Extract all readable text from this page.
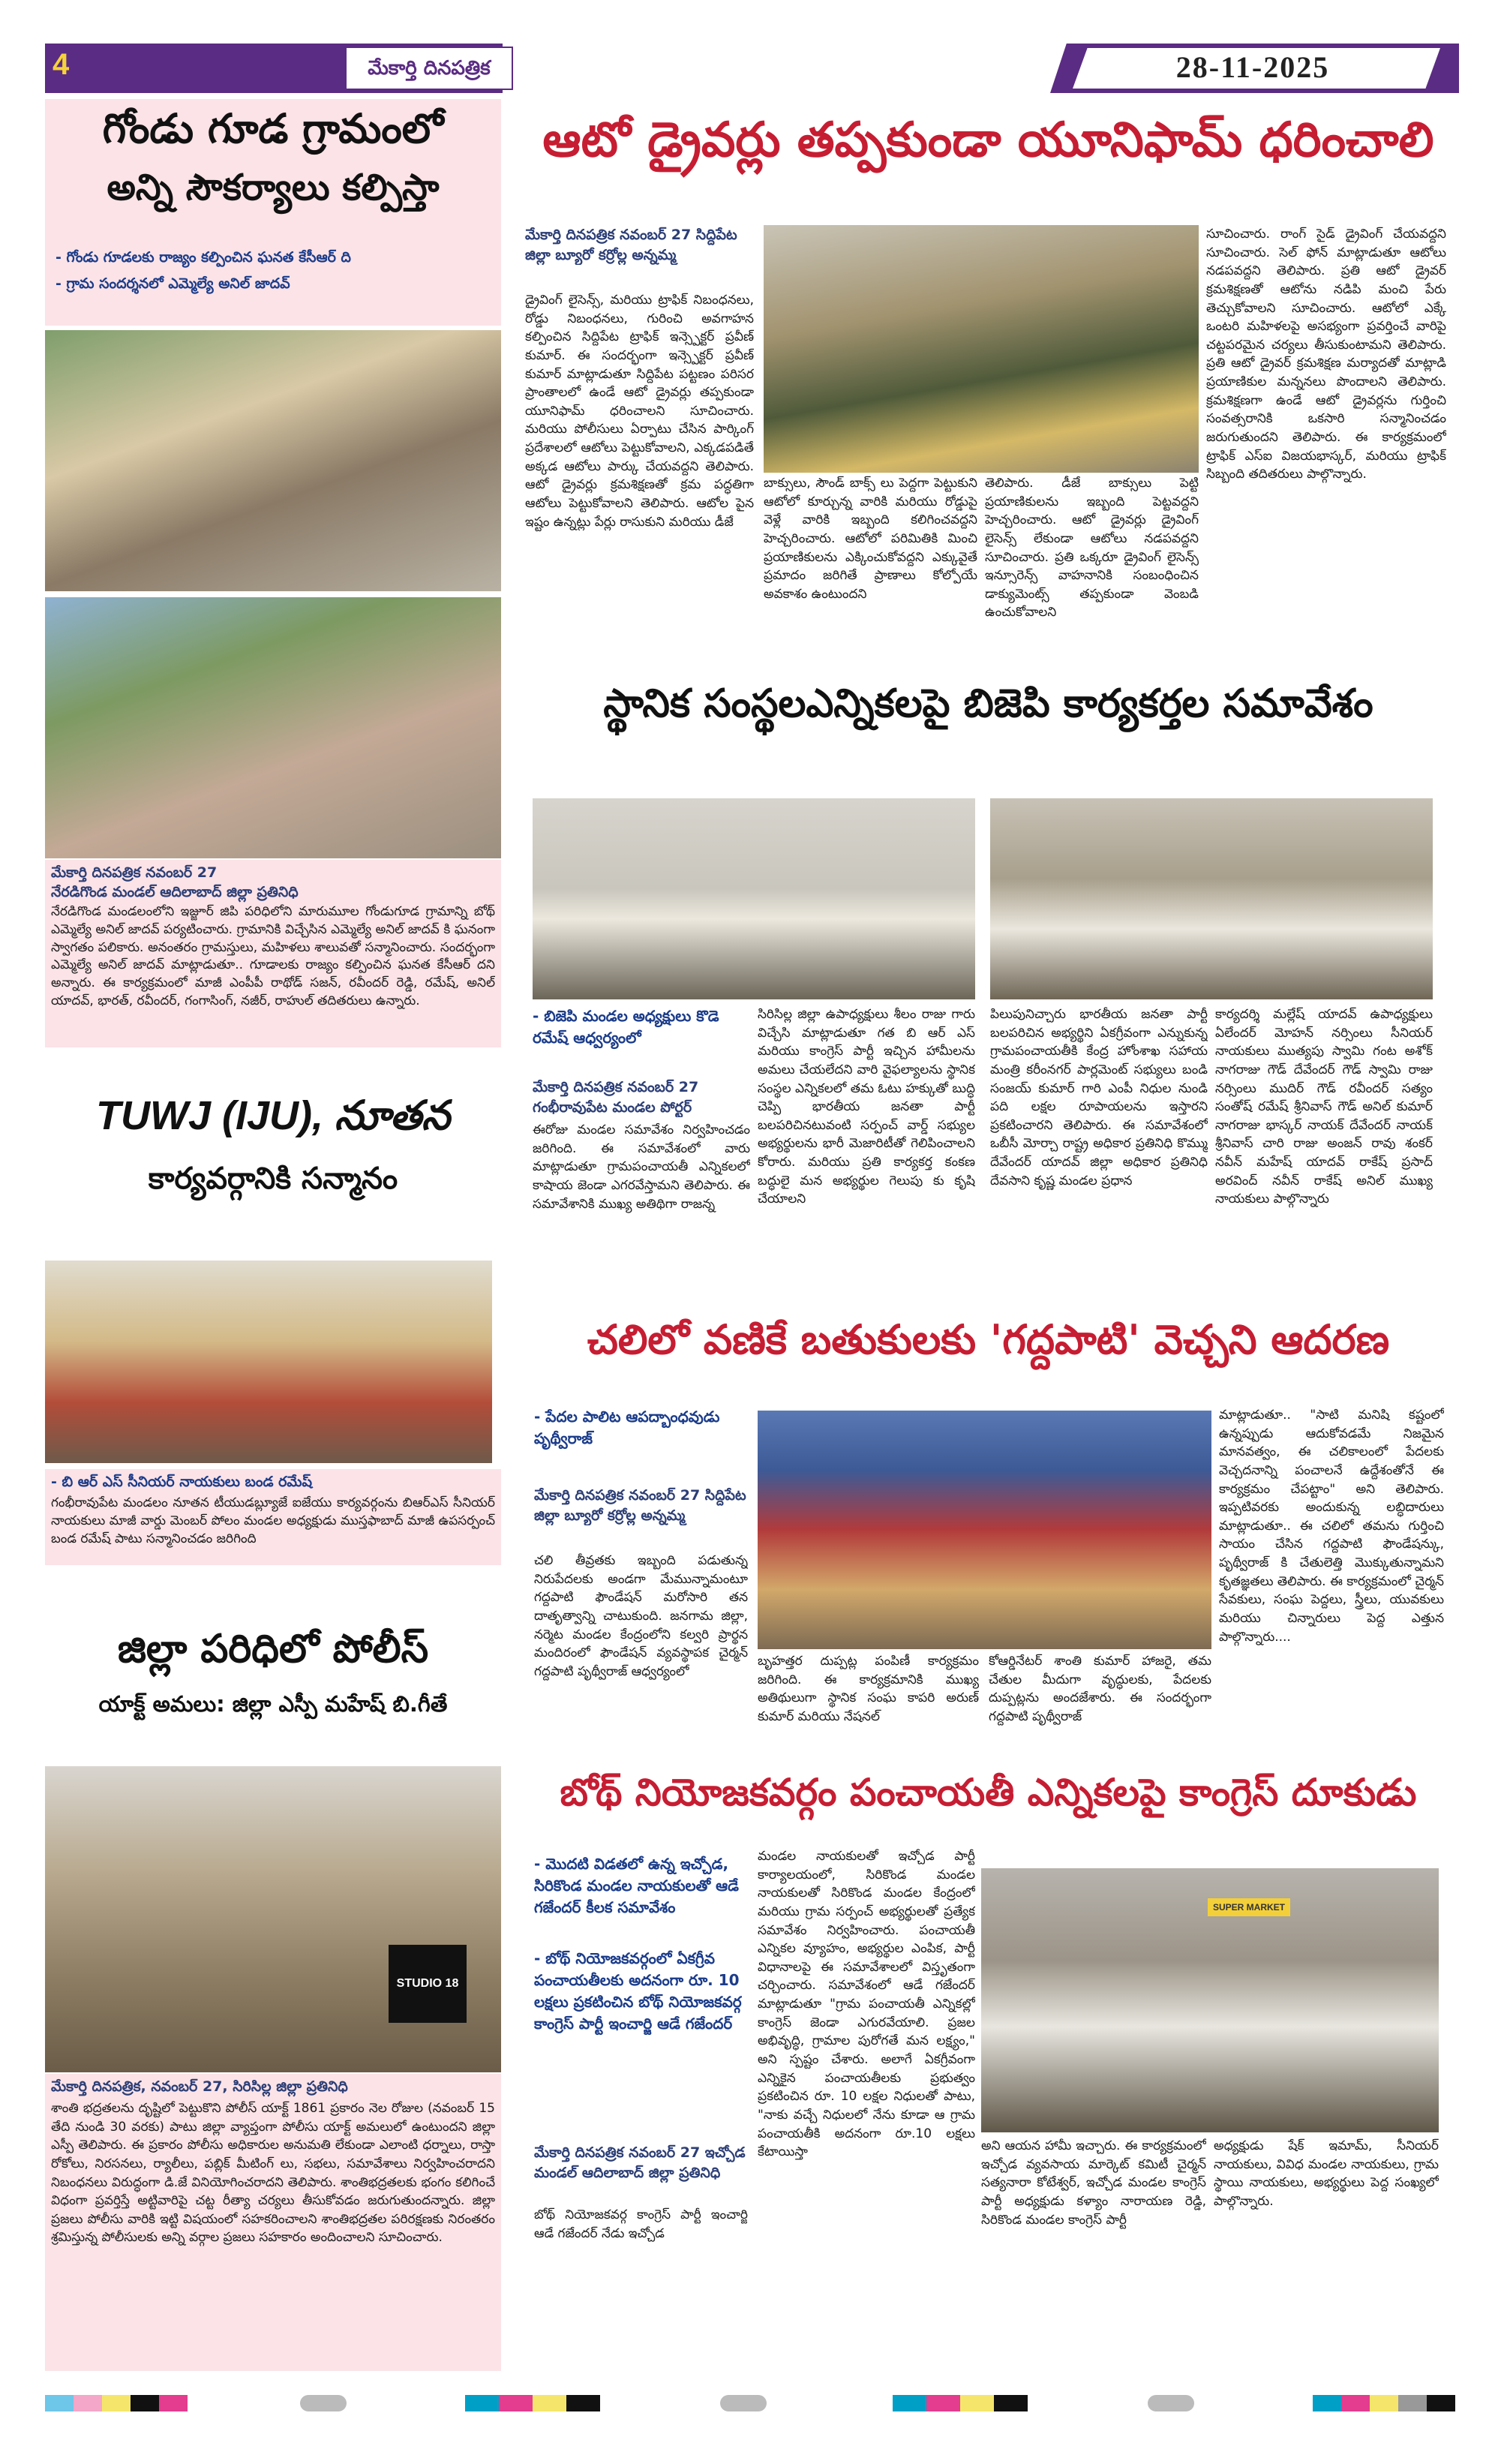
4	మేకార్తి దినపత్రిక	28-11-2025
గోండు గూడ గ్రామంలో
అన్ని సౌకర్యాలు కల్పిస్తా
- గోండు గూడలకు రాజ్యం కల్పించిన ఘనత కేసీఆర్ ది
- గ్రామ సందర్శనలో ఎమ్మెల్యే అనిల్ జాదవ్
మేకార్తి దినపత్రిక నవంబర్ 27
నేరడిగొండ మండల్ ఆదిలాబాద్ జిల్లా ప్రతినిధి
నేరడిగొండ మండలంలోని ఇజ్జూర్ జిపి పరిధిలోని మారుమూల గోండుగూడ గ్రామాన్ని బోథ్ ఎమ్మెల్యే అనిల్ జాదవ్ పర్యటించారు. గ్రామానికి విచ్చేసిన ఎమ్మెల్యే అనిల్ జాదవ్ కి ఘనంగా స్వాగతం పలికారు. అనంతరం గ్రామస్తులు, మహిళలు శాలువతో సన్మానించారు. సందర్భంగా ఎమ్మెల్యే అనిల్ జాదవ్ మాట్లాడుతూ.. గూడాలకు రాజ్యం కల్పించిన ఘనత కేసీఆర్ దని అన్నారు. ఈ కార్యక్రమంలో మాజీ ఎంపీపీ రాథోడ్ సజన్, రవీందర్ రెడ్డి, రమేష్, అనిల్ యాదవ్, భారత్, రవీందర్, గంగాసింగ్, నజీర్, రాహుల్ తదితరులు ఉన్నారు.
TUWJ (IJU), నూతన
కార్యవర్గానికి సన్మానం
- బి ఆర్ ఎస్ సీనియర్ నాయకులు బండ రమేష్
గంభీరావుపేట మండలం నూతన టీయుడబ్ల్యూజే ఐజేయు కార్యవర్గంను బిఆర్ఎస్ సీనియర్ నాయకులు మాజీ వార్డు మెంబర్ పోలం మండల అధ్యక్షుడు ముస్తఫాబాద్ మాజీ ఉపసర్పంచ్ బండ రమేష్ పాటు సన్మానించడం జరిగింది
జిల్లా పరిధిలో పోలీస్
యాక్ట్ అమలు: జిల్లా ఎస్పీ మహేష్ బి.గీతే
STUDIO 18
మేకార్తి దినపత్రిక, నవంబర్ 27, సిరిసిల్ల జిల్లా ప్రతినిధి
శాంతి భద్రతలను దృష్టిలో పెట్టుకొని పోలీస్ యాక్ట్ 1861 ప్రకారం నెల రోజుల (నవంబర్ 15 తేది నుండి 30 వరకు) పాటు జిల్లా వ్యాప్తంగా పోలీసు యాక్ట్ అమలులో ఉంటుందని జిల్లా ఎస్పీ తెలిపారు. ఈ ప్రకారం పోలీసు అధికారుల అనుమతి లేకుండా ఎలాంటి ధర్నాలు, రాస్తా రోకోలు, నిరసనలు, ర్యాలీలు, పబ్లిక్ మీటింగ్ లు, సభలు, సమావేశాలు నిర్వహించరాదని నిబంధనలు విరుద్ధంగా డి.జే వినియోగించరాదని తెలిపారు. శాంతిభద్రతలకు భంగం కలిగించే విధంగా ప్రవర్తిస్తే అట్టివారిపై చట్ట రీత్యా చర్యలు తీసుకోవడం జరుగుతుందన్నారు. జిల్లా ప్రజలు పోలీసు వారికి ఇట్టి విషయంలో సహకరించాలని శాంతిభద్రతల పరిరక్షణకు నిరంతరం శ్రమిస్తున్న పోలీసులకు అన్ని వర్గాల ప్రజలు సహకారం అందించాలని సూచించారు.
ఆటో డ్రైవర్లు తప్పకుండా యూనిఫామ్ ధరించాలి
మేకార్తి దినపత్రిక నవంబర్ 27 సిద్దిపేట జిల్లా బ్యూరో కర్రోల్ల అన్నమ్మ
డ్రైవింగ్ లైసెన్స్, మరియు ట్రాఫిక్ నిబంధనలు, రోడ్డు నిబంధనలు, గురించి అవగాహన కల్పించిన సిద్దిపేట ట్రాఫిక్ ఇన్స్పెక్టర్ ప్రవీణ్ కుమార్. ఈ సందర్భంగా ఇన్స్పెక్టర్ ప్రవీణ్ కుమార్ మాట్లాడుతూ సిద్దిపేట పట్టణం పరిసర ప్రాంతాలలో ఉండే ఆటో డ్రైవర్లు తప్పకుండా యూనిఫామ్ ధరించాలని సూచించారు. మరియు పోలీసులు ఏర్పాటు చేసిన పార్కింగ్ ప్రదేశాలలో ఆటోలు పెట్టుకోవాలని, ఎక్కడపడితే అక్కడ ఆటోలు పార్కు చేయవద్దని తెలిపారు. ఆటో డ్రైవర్లు క్రమశిక్షణతో క్రమ పద్ధతిగా ఆటోలు పెట్టుకోవాలని తెలిపారు. ఆటోల పైన ఇష్టం ఉన్నట్లు పేర్లు రాసుకుని మరియు డీజే
బాక్సులు, సౌండ్ బాక్స్ లు పెద్దగా పెట్టుకుని ఆటోలో కూర్చున్న వారికి మరియు రోడ్డుపై వెళ్లే వారికి ఇబ్బంది కలిగించవద్దని హెచ్చరించారు. ఆటోలో పరిమితికి మించి ప్రయాణికులను ఎక్కించుకోవద్దని ఎక్కువైతే ప్రమాదం జరిగితే ప్రాణాలు కోల్పోయే అవకాశం ఉంటుందని
తెలిపారు. డీజే బాక్సులు పెట్టి ప్రయాణికులను ఇబ్బంది పెట్టవద్దని హెచ్చరించారు. ఆటో డ్రైవర్లు డ్రైవింగ్ లైసెన్స్ లేకుండా ఆటోలు నడపవద్దని సూచించారు. ప్రతి ఒక్కరూ డ్రైవింగ్ లైసెన్స్ ఇన్సూరెన్స్ వాహనానికి సంబంధించిన డాక్యుమెంట్స్ తప్పకుండా వెంబడి ఉంచుకోవాలని
సూచించారు. రాంగ్ సైడ్ డ్రైవింగ్ చేయవద్దని సూచించారు. సెల్ ఫోన్ మాట్లాడుతూ ఆటోలు నడపవద్దని తెలిపారు. ప్రతి ఆటో డ్రైవర్ క్రమశిక్షణతో ఆటోను నడిపి మంచి పేరు తెచ్చుకోవాలని సూచించారు. ఆటోలో ఎక్కే ఒంటరి మహిళలపై అసభ్యంగా ప్రవర్తించే వారిపై చట్టపరమైన చర్యలు తీసుకుంటామని తెలిపారు. ప్రతి ఆటో డ్రైవర్ క్రమశిక్షణ మర్యాదతో మాట్లాడి ప్రయాణికుల మన్ననలు పొందాలని తెలిపారు. క్రమశిక్షణగా ఉండే ఆటో డ్రైవర్లను గుర్తించి సంవత్సరానికి ఒకసారి సన్మానించడం జరుగుతుందని తెలిపారు. ఈ కార్యక్రమంలో ట్రాఫిక్ ఎస్ఐ విజయభాస్కర్, మరియు ట్రాఫిక్ సిబ్బంది తదితరులు పాల్గొన్నారు.
స్థానిక సంస్థలఎన్నికలపై బిజెపి కార్యకర్తల సమావేశం
- బిజెపి మండల అధ్యక్షులు కొడె రమేష్ ఆధ్వర్యంలో
మేకార్తి దినపత్రిక నవంబర్ 27 గంభీరావుపేట మండల పోర్టర్
ఈరోజు మండల సమావేశం నిర్వహించడం జరిగింది. ఈ సమావేశంలో వారు మాట్లాడుతూ గ్రామపంచాయతీ ఎన్నికలలో కాషాయ జెండా ఎగరవేస్తామని తెలిపారు. ఈ సమావేశానికి ముఖ్య అతిథిగా రాజన్న
సిరిసిల్ల జిల్లా ఉపాధ్యక్షులు శీలం రాజు గారు విచ్చేసి మాట్లాడుతూ గత బి ఆర్ ఎస్ మరియు కాంగ్రెస్ పార్టీ ఇచ్చిన హామీలను అమలు చేయలేదని వారి వైఫల్యాలను స్థానిక సంస్థల ఎన్నికలలో తమ ఓటు హక్కుతో బుద్ధి చెప్పి భారతీయ జనతా పార్టీ బలపరిచినటువంటి సర్పంచ్ వార్డ్ సభ్యుల అభ్యర్థులను భారీ మెజారిటీతో గెలిపించాలని కోరారు. మరియు ప్రతి కార్యకర్త కంకణ బద్ధులై మన అభ్యర్థుల గెలుపు కు కృషి చేయాలని
పిలుపునిచ్చారు భారతీయ జనతా పార్టీ బలపరిచిన అభ్యర్థిని ఏకగ్రీవంగా ఎన్నుకున్న గ్రామపంచాయతీకి కేంద్ర హోంశాఖ సహాయ మంత్రి కరీంనగర్ పార్లమెంట్ సభ్యులు బండి సంజయ్ కుమార్ గారి ఎంపీ నిధుల నుండి పది లక్షల రూపాయలను ఇస్తారని ప్రకటించారని తెలిపారు. ఈ సమావేశంలో ఒబీసీ మోర్చా రాష్ట్ర అధికార ప్రతినిధి కొమ్ము దేవేందర్ యాదవ్ జిల్లా అధికార ప్రతినిధి దేవసాని కృష్ణ మండల ప్రధాన
కార్యదర్శి మల్లేష్ యాదవ్ ఉపాధ్యక్షులు ఏలేందర్ మోహన్ నర్సింలు సీనియర్ నాయకులు ముత్యపు స్వామి గంట అశోక్ నాగరాజు గౌడ్ దేవేందర్ గౌడ్ స్వామి రాజు నర్సింలు ముదిర్ గౌడ్ రవీందర్ సత్యం సంతోష్ రమేష్ శ్రీనివాస్ గౌడ్ అనిల్ కుమార్ నాగరాజు భాస్కర్ నాయక్ దేవేందర్ నాయక్ శ్రీనివాస్ చారి రాజు అంజన్ రావు శంకర్ నవీన్ మహేష్ యాదవ్ రాకేష్ ప్రసాద్ అరవింద్ నవీన్ రాకేష్ అనిల్ ముఖ్య నాయకులు పాల్గొన్నారు
చలిలో వణికే బతుకులకు 'గద్దపాటి' వెచ్చని ఆదరణ
- పేదల పాలిట ఆపద్బాంధవుడు పృథ్వీరాజ్
మేకార్తి దినపత్రిక నవంబర్ 27 సిద్దిపేట జిల్లా బ్యూరో కర్రోల్ల అన్నమ్మ
చలి తీవ్రతకు ఇబ్బంది పడుతున్న నిరుపేదలకు అండగా మేమున్నామంటూ గద్దపాటి ఫౌండేషన్ మరోసారి తన దాతృత్వాన్ని చాటుకుంది. జనగామ జిల్లా, నర్మెట మండల కేంద్రంలోని కల్వరి ప్రార్థన మందిరంలో ఫౌండేషన్ వ్యవస్థాపక చైర్మన్ గద్దపాటి పృథ్వీరాజ్ ఆధ్వర్యంలో
బృహత్తర దుప్పట్ల పంపిణీ కార్యక్రమం జరిగింది. ఈ కార్యక్రమానికి ముఖ్య అతిథులుగా స్థానిక సంఘ కాపరి అరుణ్ కుమార్ మరియు నేషనల్
కోఆర్డినేటర్ శాంతి కుమార్ హాజరై, తమ చేతుల మీదుగా వృద్ధులకు, పేదలకు దుప్పట్లను అందజేశారు. ఈ సందర్భంగా గద్దపాటి పృథ్వీరాజ్
మాట్లాడుతూ.. "సాటి మనిషి కష్టంలో ఉన్నప్పుడు ఆదుకోవడమే నిజమైన మానవత్వం, ఈ చలికాలంలో పేదలకు వెచ్చదనాన్ని పంచాలనే ఉద్దేశంతోనే ఈ కార్యక్రమం చేపట్టాం" అని తెలిపారు. ఇప్పటివరకు అందుకున్న లబ్ధిదారులు మాట్లాడుతూ.. ఈ చలిలో తమను గుర్తించి సాయం చేసిన గద్దపాటి ఫౌండేషన్కు, పృథ్వీరాజ్ కి చేతులెత్తి మొక్కుతున్నామని కృతజ్ఞతలు తెలిపారు. ఈ కార్యక్రమంలో చైర్మన్ సేవకులు, సంఘ పెద్దలు, స్త్రీలు, యువకులు మరియు చిన్నారులు పెద్ద ఎత్తున పాల్గొన్నారు....
బోథ్ నియోజకవర్గం పంచాయతీ ఎన్నికలపై కాంగ్రెస్ దూకుడు
- మొదటి విడతలో ఉన్న ఇచ్చోడ, సిరికొండ మండల నాయకులతో ఆడే గజేందర్ కీలక సమావేశం
- బోథ్ నియోజకవర్గంలో ఏకగ్రీవ పంచాయతీలకు అదనంగా రూ. 10 లక్షలు ప్రకటించిన బోథ్ నియోజకవర్గ కాంగ్రెస్ పార్టీ ఇంచార్జి ఆడే గజేందర్
మేకార్తి దినపత్రిక నవంబర్ 27 ఇచ్చోడ మండల్ ఆదిలాబాద్ జిల్లా ప్రతినిధి
బోథ్ నియోజకవర్గ కాంగ్రెస్ పార్టీ ఇంచార్జి ఆడే గజేందర్ నేడు ఇచ్చోడ
మండల నాయకులతో ఇచ్చోడ పార్టీ కార్యాలయంలో, సిరికొండ మండల నాయకులతో సిరికొండ మండల కేంద్రంలో మరియు గ్రామ సర్పంచ్ అభ్యర్థులతో ప్రత్యేక సమావేశం నిర్వహించారు. పంచాయతీ ఎన్నికల వ్యూహం, అభ్యర్థుల ఎంపిక, పార్టీ విధానాలపై ఈ సమావేశాలలో విస్తృతంగా చర్చించారు. సమావేశంలో ఆడే గజేందర్ మాట్లాడుతూ "గ్రామ పంచాయతీ ఎన్నికల్లో కాంగ్రెస్ జెండా ఎగురవేయాలి. ప్రజల అభివృద్ధి, గ్రామాల పురోగతే మన లక్ష్యం," అని స్పష్టం చేశారు. అలాగే ఏకగ్రీవంగా ఎన్నికైన పంచాయతీలకు ప్రభుత్వం ప్రకటించిన రూ. 10 లక్షల నిధులతో పాటు, "నాకు వచ్చే నిధులలో నేను కూడా ఆ గ్రామ పంచాయతీకి అదనంగా రూ.10 లక్షలు కేటాయిస్తా
SUPER MARKET
అని ఆయన హామీ ఇచ్చారు. ఈ కార్యక్రమంలో ఇచ్చోడ వ్యవసాయ మార్కెట్ కమిటీ చైర్మన్ సత్యనారా కోటేశ్వర్, ఇచ్చోడ మండల కాంగ్రెస్ పార్టీ అధ్యక్షుడు కళ్యాం నారాయణ రెడ్డి, సిరికొండ మండల కాంగ్రెస్ పార్టీ
అధ్యక్షుడు షేక్ ఇమామ్, సీనియర్ నాయకులు, వివిధ మండల నాయకులు, గ్రామ స్థాయి నాయకులు, అభ్యర్థులు పెద్ద సంఖ్యలో పాల్గొన్నారు.
